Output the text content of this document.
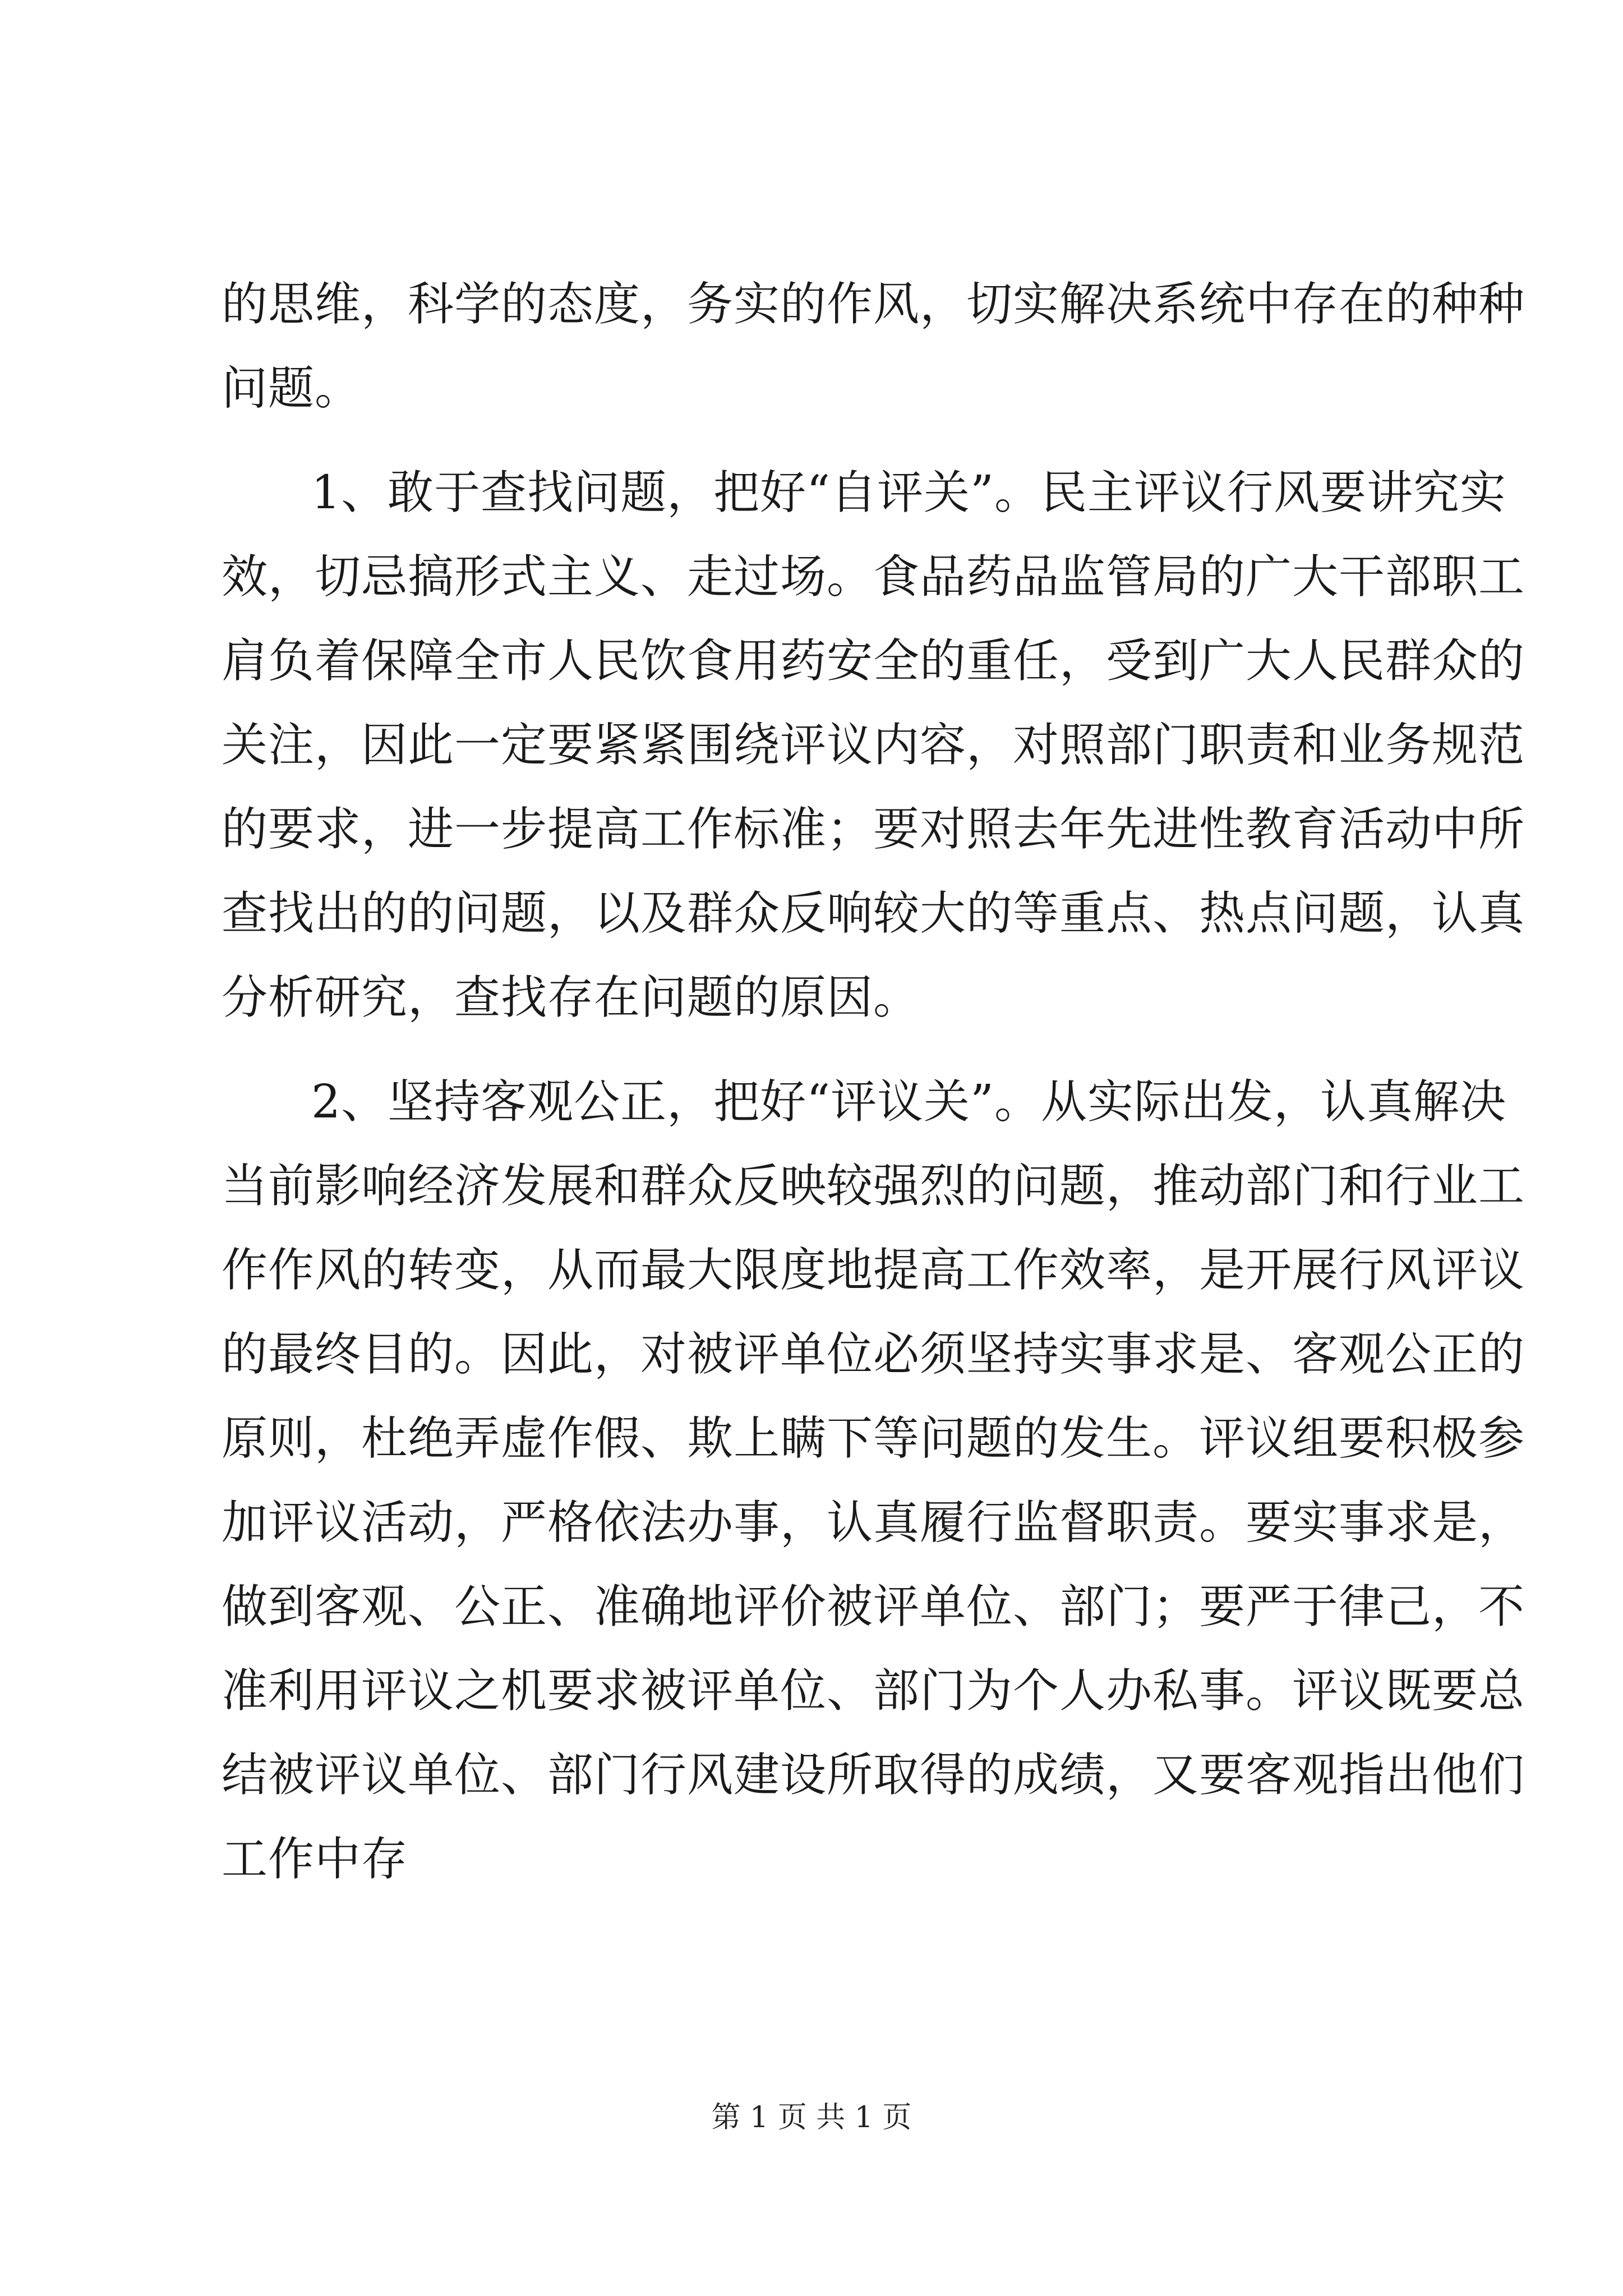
的思维，科学的态度，务实的作风，切实解决系统中存在的种种
问题。
1、敢于查找问题，把好“自评关”。民主评议行风要讲究实
效，切忌搞形式主义、走过场。食品药品监管局的广大干部职工
肩负着保障全市人民饮食用药安全的重任，受到广大人民群众的
关注，因此一定要紧紧围绕评议内容，对照部门职责和业务规范
的要求，进一步提高工作标准；要对照去年先进性教育活动中所
查找出的的问题，以及群众反响较大的等重点、热点问题，认真
分析研究，查找存在问题的原因。
2、坚持客观公正，把好“评议关”。从实际出发，认真解决
当前影响经济发展和群众反映较强烈的问题，推动部门和行业工
作作风的转变，从而最大限度地提高工作效率，是开展行风评议
的最终目的。因此，对被评单位必须坚持实事求是、客观公正的
原则，杜绝弄虚作假、欺上瞒下等问题的发生。评议组要积极参
加评议活动，严格依法办事，认真履行监督职责。要实事求是，
做到客观、公正、准确地评价被评单位、部门；要严于律己，不
准利用评议之机要求被评单位、部门为个人办私事。评议既要总
结被评议单位、部门行风建设所取得的成绩，又要客观指出他们
工作中存
第 1 页 共 1 页
